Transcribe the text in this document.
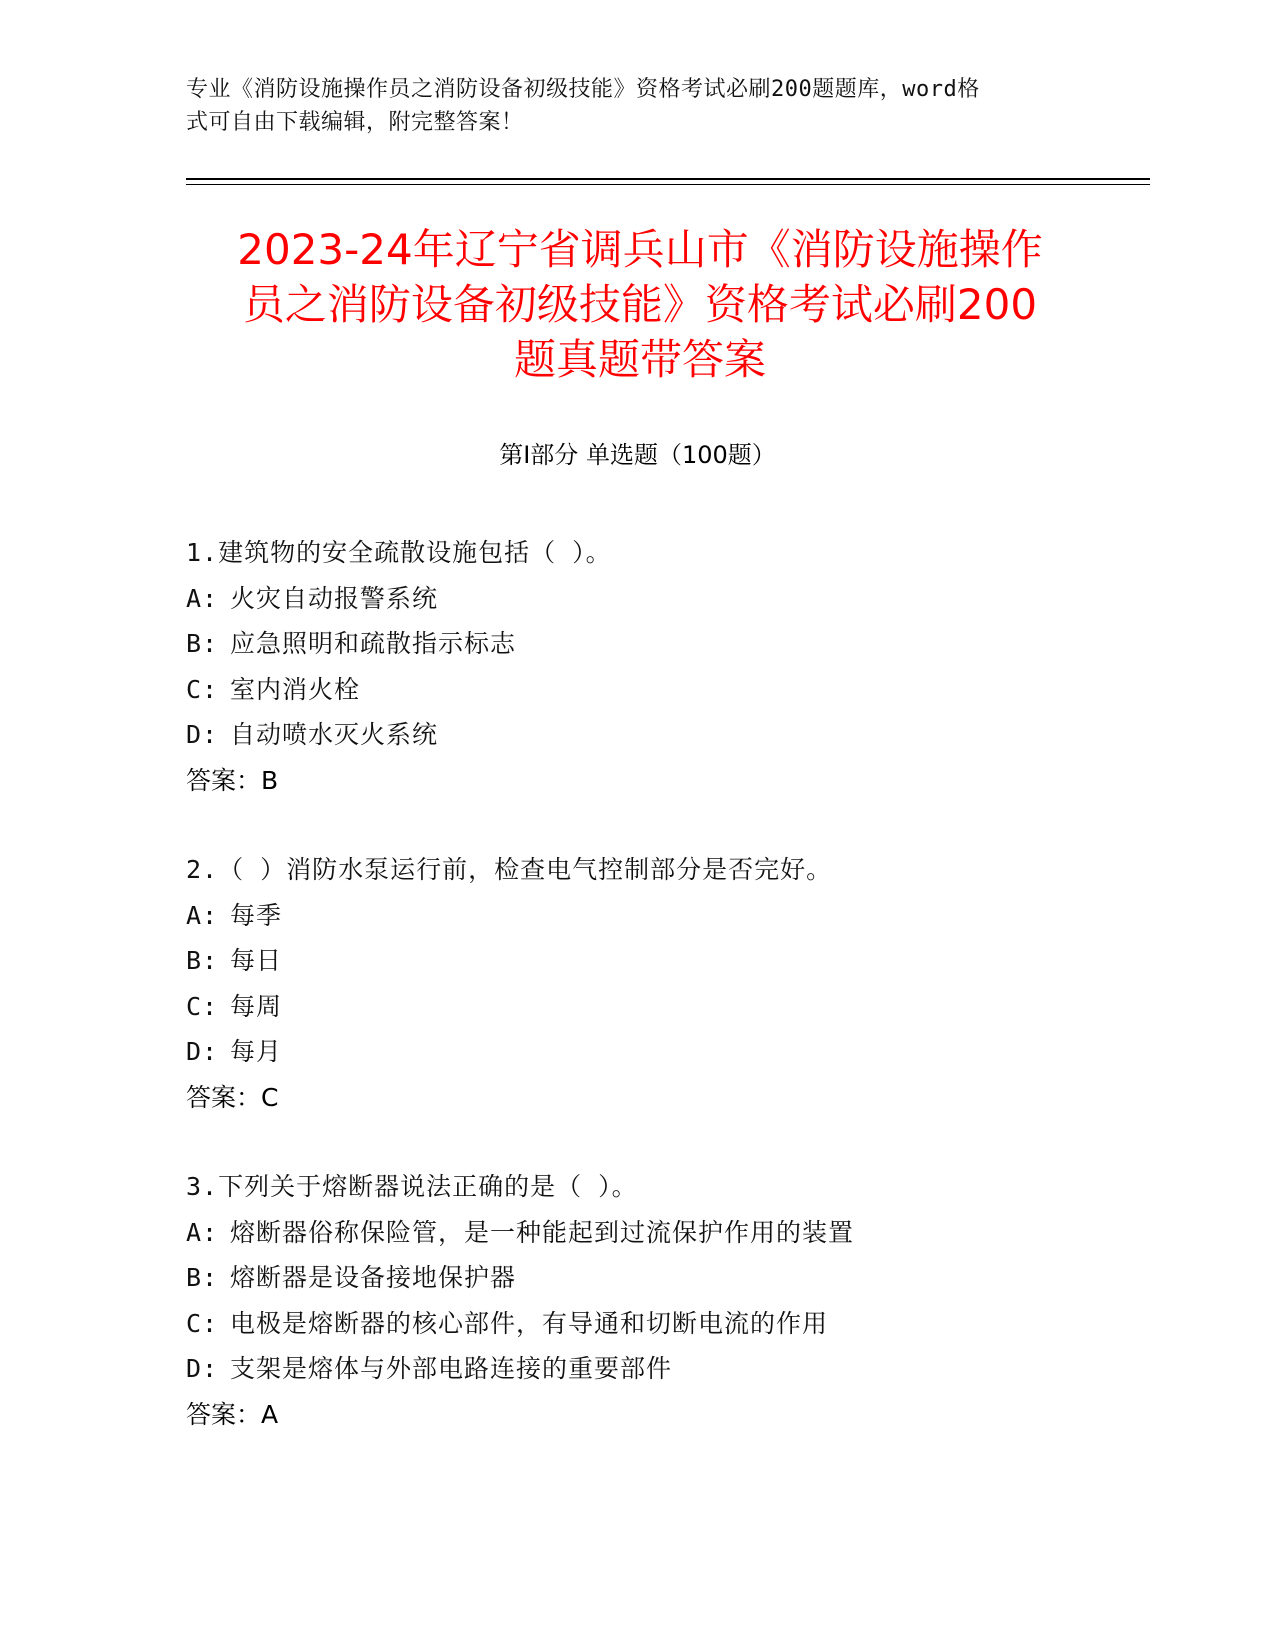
专业《消防设施操作员之消防设备初级技能》资格考试必刷200题题库，word格
式可自由下载编辑，附完整答案！
2023-24年辽宁省调兵山市《消防设施操作
员之消防设备初级技能》资格考试必刷200
题真题带答案
第Ⅰ部分 单选题（100题）
1.建筑物的安全疏散设施包括（ ）。
A: 火灾自动报警系统
B: 应急照明和疏散指示标志
C: 室内消火栓
D: 自动喷水灭火系统
答案：B
2.（ ）消防水泵运行前，检查电气控制部分是否完好。
A: 每季
B: 每日
C: 每周
D: 每月
答案：C
3.下列关于熔断器说法正确的是（ ）。
A: 熔断器俗称保险管，是一种能起到过流保护作用的装置
B: 熔断器是设备接地保护器
C: 电极是熔断器的核心部件，有导通和切断电流的作用
D: 支架是熔体与外部电路连接的重要部件
答案：A
